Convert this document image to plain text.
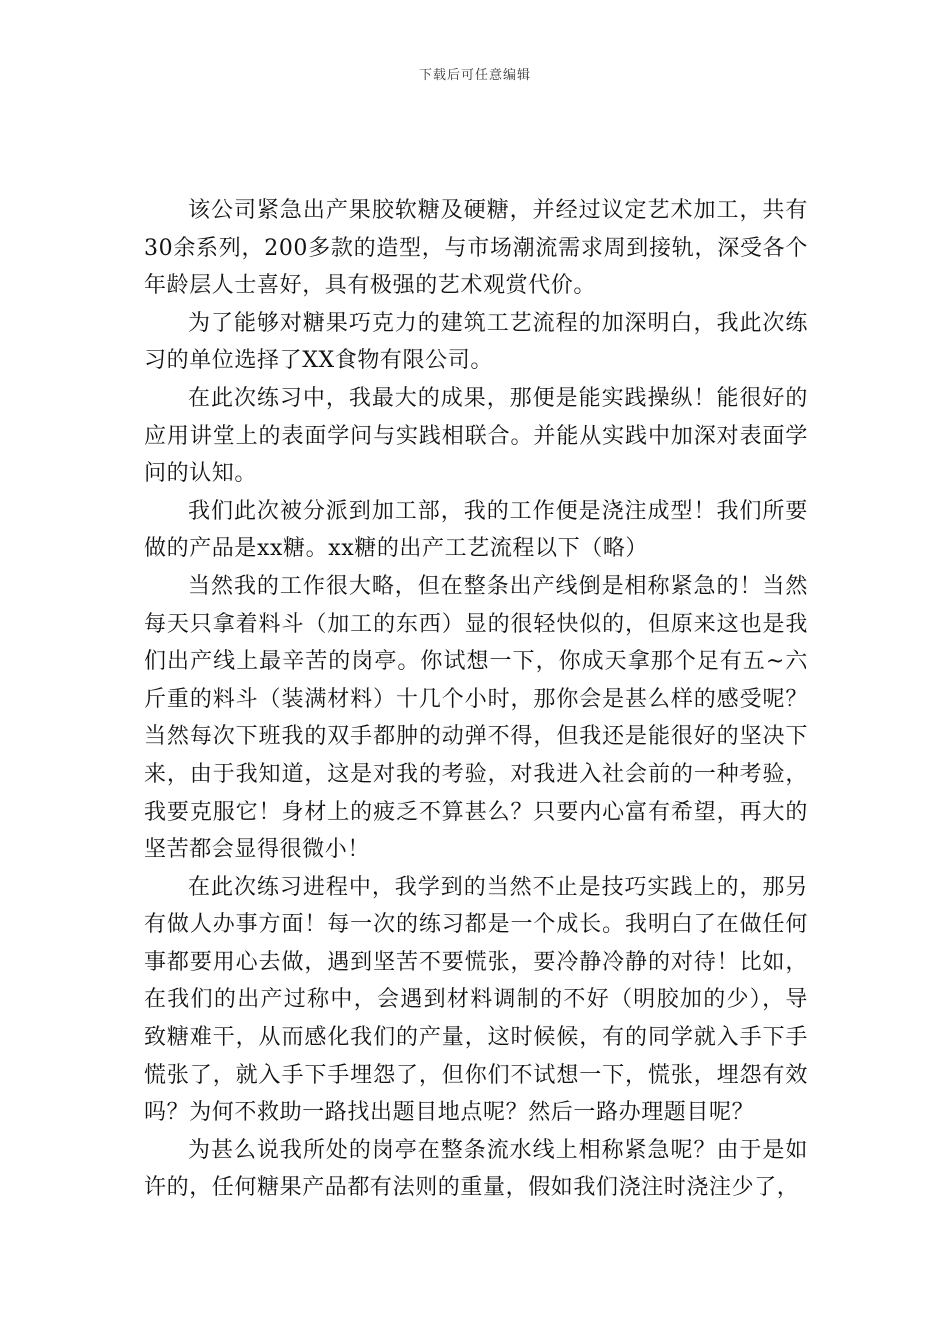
下载后可任意编辑

该公司紧急出产果胶软糖及硬糖，并经过议定艺术加工，共有30余系列，200多款的造型，与市场潮流需求周到接轨，深受各个年龄层人士喜好，具有极强的艺术观赏代价。

为了能够对糖果巧克力的建筑工艺流程的加深明白，我此次练习的单位选择了XX食物有限公司。

在此次练习中，我最大的成果，那便是能实践操纵！能很好的应用讲堂上的表面学问与实践相联合。并能从实践中加深对表面学问的认知。

我们此次被分派到加工部，我的工作便是浇注成型！我们所要做的产品是xx糖。xx糖的出产工艺流程以下（略）

当然我的工作很大略，但在整条出产线倒是相称紧急的！当然每天只拿着料斗（加工的东西）显的很轻快似的，但原来这也是我们出产线上最辛苦的岗亭。你试想一下，你成天拿那个足有五~六斤重的料斗（装满材料）十几个小时，那你会是甚么样的感受呢？当然每次下班我的双手都肿的动弹不得，但我还是能很好的坚决下来，由于我知道，这是对我的考验，对我进入社会前的一种考验，我要克服它！身材上的疲乏不算甚么？只要内心富有希望，再大的坚苦都会显得很微小！

在此次练习进程中，我学到的当然不止是技巧实践上的，那另有做人办事方面！每一次的练习都是一个成长。我明白了在做任何事都要用心去做，遇到坚苦不要慌张，要冷静冷静的对待！比如，在我们的出产过称中，会遇到材料调制的不好（明胶加的少），导致糖难干，从而感化我们的产量，这时候候，有的同学就入手下手慌张了，就入手下手埋怨了，但你们不试想一下，慌张，埋怨有效吗？为何不救助一路找出题目地点呢？然后一路办理题目呢？

为甚么说我所处的岗亭在整条流水线上相称紧急呢？由于是如许的，任何糖果产品都有法则的重量，假如我们浇注时浇注少了，
